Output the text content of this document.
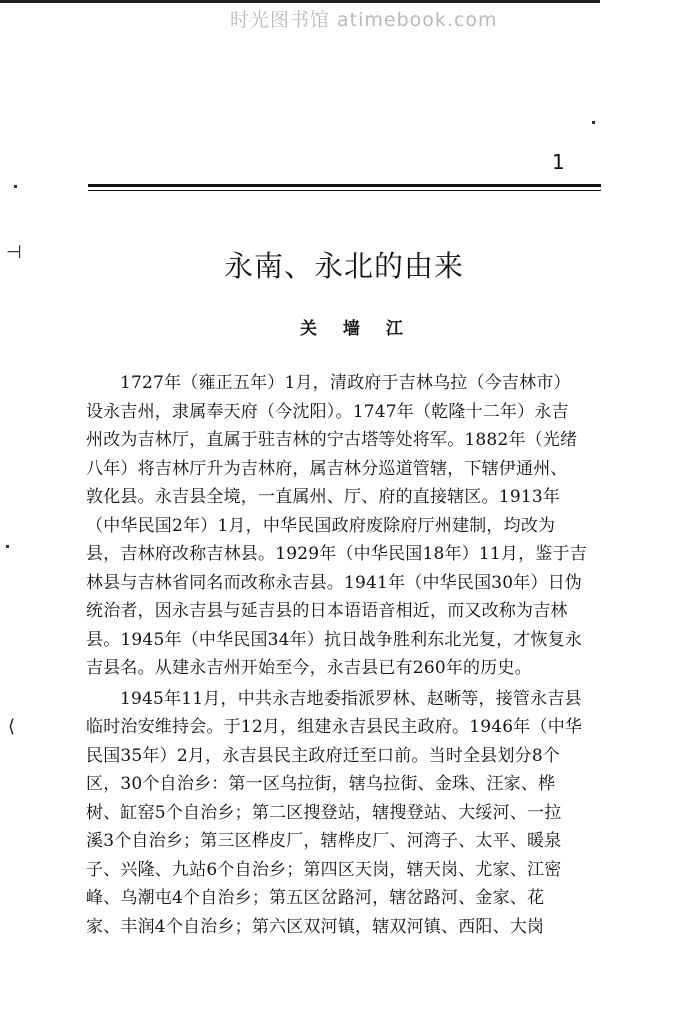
时光图书馆 atimebook.com
1
永南、永北的由来
关 墙 江

1727年（雍正五年）1月，清政府于吉林乌拉（今吉林市）
设永吉州，隶属奉天府（今沈阳）。1747年（乾隆十二年）永吉
州改为吉林厅，直属于驻吉林的宁古塔等处将军。1882年（光绪
八年）将吉林厅升为吉林府，属吉林分巡道管辖，下辖伊通州、
敦化县。永吉县全境，一直属州、厅、府的直接辖区。1913年
（中华民国2年）1月，中华民国政府废除府厅州建制，均改为
县，吉林府改称吉林县。1929年（中华民国18年）11月，鉴于吉
林县与吉林省同名而改称永吉县。1941年（中华民国30年）日伪
统治者，因永吉县与延吉县的日本语语音相近，而又改称为吉林
县。1945年（中华民国34年）抗日战争胜利东北光复，才恢复永
吉县名。从建永吉州开始至今，永吉县已有260年的历史。

1945年11月，中共永吉地委指派罗林、赵晰等，接管永吉县
临时治安维持会。于12月，组建永吉县民主政府。1946年（中华
民国35年）2月，永吉县民主政府迁至口前。当时全县划分8个
区，30个自治乡：第一区乌拉街，辖乌拉街、金珠、汪家、桦
树、缸窑5个自治乡；第二区搜登站，辖搜登站、大绥河、一拉
溪3个自治乡；第三区桦皮厂，辖桦皮厂、河湾子、太平、暖泉
子、兴隆、九站6个自治乡；第四区天岗，辖天岗、尤家、江密
峰、乌潮屯4个自治乡；第五区岔路河，辖岔路河、金家、花
家、丰润4个自治乡；第六区双河镇，辖双河镇、西阳、大岗

⊣
⟨
